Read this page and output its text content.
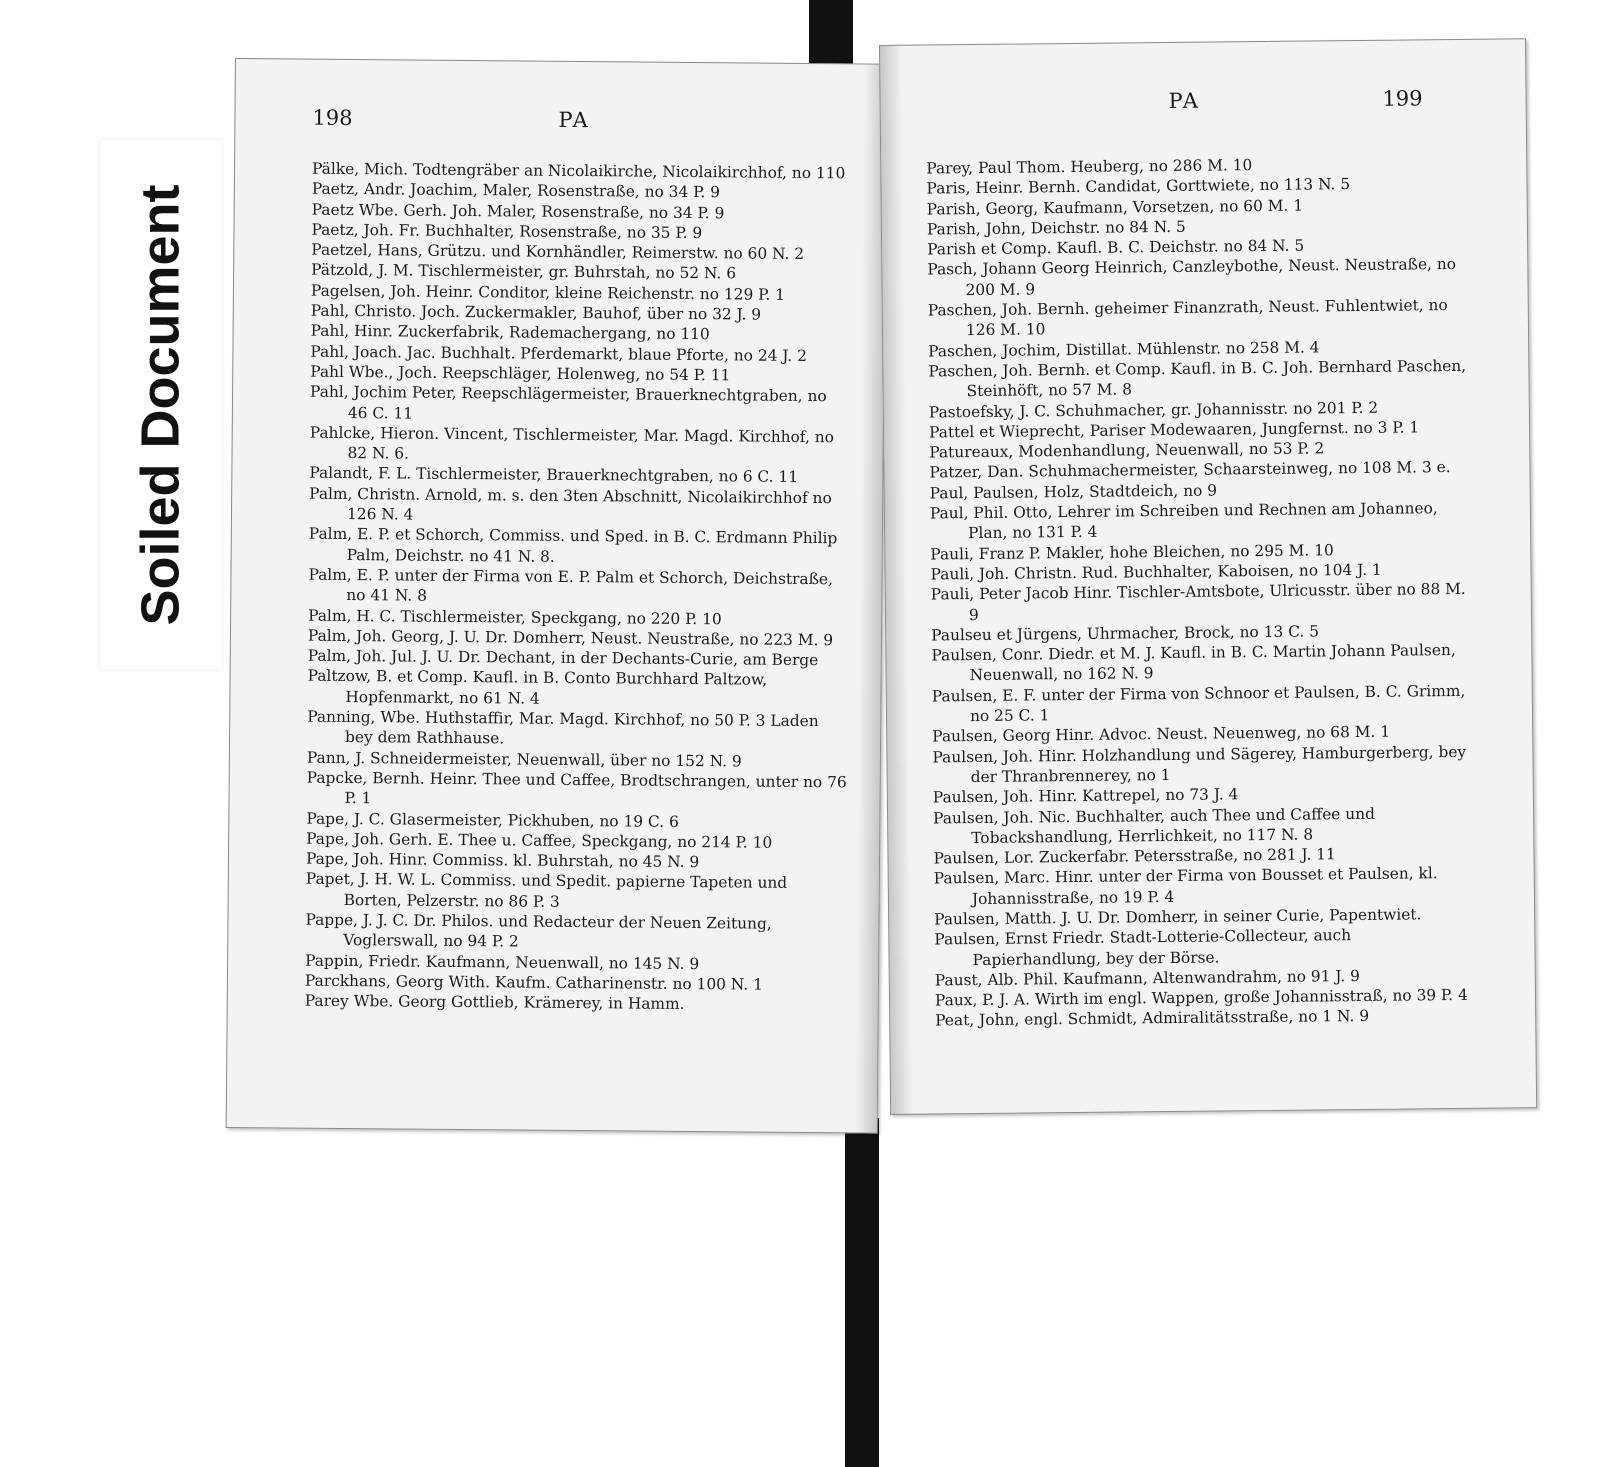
Soiled Document
198	PA
Pälke, Mich. Todtengräber an Nicolaikirche, Nicolaikirchhof, no 110
Paetz, Andr. Joachim, Maler, Rosenstraße, no 34 P. 9
Paetz Wbe. Gerh. Joh. Maler, Rosenstraße, no 34 P. 9
Paetz, Joh. Fr. Buchhalter, Rosenstraße, no 35 P. 9
Paetzel, Hans, Grützu. und Kornhändler, Reimerstw. no 60 N. 2
Pätzold, J. M. Tischlermeister, gr. Buhrstah, no 52 N. 6
Pagelsen, Joh. Heinr. Conditor, kleine Reichenstr. no 129 P. 1
Pahl, Christo. Joch. Zuckermakler, Bauhof, über no 32 J. 9
Pahl, Hinr. Zuckerfabrik, Rademachergang, no 110
Pahl, Joach. Jac. Buchhalt. Pferdemarkt, blaue Pforte, no 24 J. 2
Pahl Wbe., Joch. Reepschläger, Holenweg, no 54 P. 11
Pahl, Jochim Peter, Reepschlägermeister, Brauerknechtgraben, no 46 C. 11
Pahlcke, Hieron. Vincent, Tischlermeister, Mar. Magd. Kirchhof, no 82 N. 6.
Palandt, F. L. Tischlermeister, Brauerknechtgraben, no 6 C. 11
Palm, Christn. Arnold, m. s. den 3ten Abschnitt, Nicolaikirchhof no 126 N. 4
Palm, E. P. et Schorch, Commiss. und Sped. in B. C. Erdmann Philip Palm, Deichstr. no 41 N. 8.
Palm, E. P. unter der Firma von E. P. Palm et Schorch, Deichstraße, no 41 N. 8
Palm, H. C. Tischlermeister, Speckgang, no 220 P. 10
Palm, Joh. Georg, J. U. Dr. Domherr, Neust. Neustraße, no 223 M. 9
Palm, Joh. Jul. J. U. Dr. Dechant, in der Dechants-Curie, am Berge
Paltzow, B. et Comp. Kaufl. in B. Conto Burchhard Paltzow, Hopfenmarkt, no 61 N. 4
Panning, Wbe. Huthstaffir, Mar. Magd. Kirchhof, no 50 P. 3 Laden bey dem Rathhause.
Pann, J. Schneidermeister, Neuenwall, über no 152 N. 9
Papcke, Bernh. Heinr. Thee und Caffee, Brodtschrangen, unter no 76 P. 1
Pape, J. C. Glasermeister, Pickhuben, no 19 C. 6
Pape, Joh. Gerh. E. Thee u. Caffee, Speckgang, no 214 P. 10
Pape, Joh. Hinr. Commiss. kl. Buhrstah, no 45 N. 9
Papet, J. H. W. L. Commiss. und Spedit. papierne Tapeten und Borten, Pelzerstr. no 86 P. 3
Pappe, J. J. C. Dr. Philos. und Redacteur der Neuen Zeitung, Voglerswall, no 94 P. 2
Pappin, Friedr. Kaufmann, Neuenwall, no 145 N. 9
Parckhans, Georg With. Kaufm. Catharinenstr. no 100 N. 1
Parey Wbe. Georg Gottlieb, Krämerey, in Hamm.
PA	199
Parey, Paul Thom. Heuberg, no 286 M. 10
Paris, Heinr. Bernh. Candidat, Gorttwiete, no 113 N. 5
Parish, Georg, Kaufmann, Vorsetzen, no 60 M. 1
Parish, John, Deichstr. no 84 N. 5
Parish et Comp. Kaufl. B. C. Deichstr. no 84 N. 5
Pasch, Johann Georg Heinrich, Canzleybothe, Neust. Neustraße, no 200 M. 9
Paschen, Joh. Bernh. geheimer Finanzrath, Neust. Fuhlentwiet, no 126 M. 10
Paschen, Jochim, Distillat. Mühlenstr. no 258 M. 4
Paschen, Joh. Bernh. et Comp. Kaufl. in B. C. Joh. Bernhard Paschen, Steinhöft, no 57 M. 8
Pastoefsky, J. C. Schuhmacher, gr. Johannisstr. no 201 P. 2
Pattel et Wieprecht, Pariser Modewaaren, Jungfernst. no 3 P. 1
Patureaux, Modenhandlung, Neuenwall, no 53 P. 2
Patzer, Dan. Schuhmachermeister, Schaarsteinweg, no 108 M. 3 e.
Paul, Paulsen, Holz, Stadtdeich, no 9
Paul, Phil. Otto, Lehrer im Schreiben und Rechnen am Johanneo, Plan, no 131 P. 4
Pauli, Franz P. Makler, hohe Bleichen, no 295 M. 10
Pauli, Joh. Christn. Rud. Buchhalter, Kaboisen, no 104 J. 1
Pauli, Peter Jacob Hinr. Tischler-Amtsbote, Ulricusstr. über no 88 M. 9
Paulseu et Jürgens, Uhrmacher, Brock, no 13 C. 5
Paulsen, Conr. Diedr. et M. J. Kaufl. in B. C. Martin Johann Paulsen, Neuenwall, no 162 N. 9
Paulsen, E. F. unter der Firma von Schnoor et Paulsen, B. C. Grimm, no 25 C. 1
Paulsen, Georg Hinr. Advoc. Neust. Neuenweg, no 68 M. 1
Paulsen, Joh. Hinr. Holzhandlung und Sägerey, Hamburgerberg, bey der Thranbrennerey, no 1
Paulsen, Joh. Hinr. Kattrepel, no 73 J. 4
Paulsen, Joh. Nic. Buchhalter, auch Thee und Caffee und Tobackshandlung, Herrlichkeit, no 117 N. 8
Paulsen, Lor. Zuckerfabr. Petersstraße, no 281 J. 11
Paulsen, Marc. Hinr. unter der Firma von Bousset et Paulsen, kl. Johannisstraße, no 19 P. 4
Paulsen, Matth. J. U. Dr. Domherr, in seiner Curie, Papentwiet.
Paulsen, Ernst Friedr. Stadt-Lotterie-Collecteur, auch Papierhandlung, bey der Börse.
Paust, Alb. Phil. Kaufmann, Altenwandrahm, no 91 J. 9
Paux, P. J. A. Wirth im engl. Wappen, große Johannisstraß, no 39 P. 4
Peat, John, engl. Schmidt, Admiralitätsstraße, no 1 N. 9
